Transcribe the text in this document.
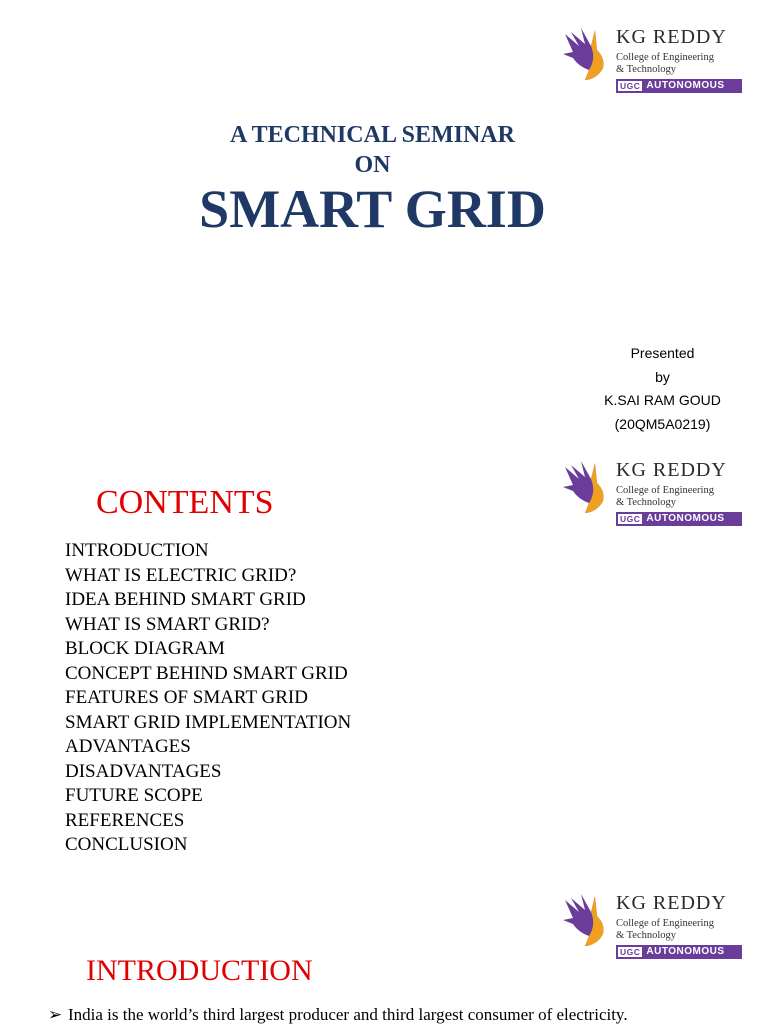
KG REDDY
College of Engineering
& Technology
UGC AUTONOMOUS
A TECHNICAL SEMINAR
ON
SMART GRID
Presented
by
K.SAI RAM GOUD
(20QM5A0219)
KG REDDY
College of Engineering
& Technology
UGC AUTONOMOUS
CONTENTS
INTRODUCTION
WHAT IS ELECTRIC GRID?
IDEA BEHIND SMART GRID
WHAT IS SMART GRID?
BLOCK DIAGRAM
CONCEPT BEHIND SMART GRID
FEATURES OF SMART GRID
SMART GRID IMPLEMENTATION
ADVANTAGES
DISADVANTAGES
FUTURE SCOPE
REFERENCES
CONCLUSION
KG REDDY
College of Engineering
& Technology
UGC AUTONOMOUS
INTRODUCTION
➢ India is the world’s third largest producer and third largest consumer of electricity.
